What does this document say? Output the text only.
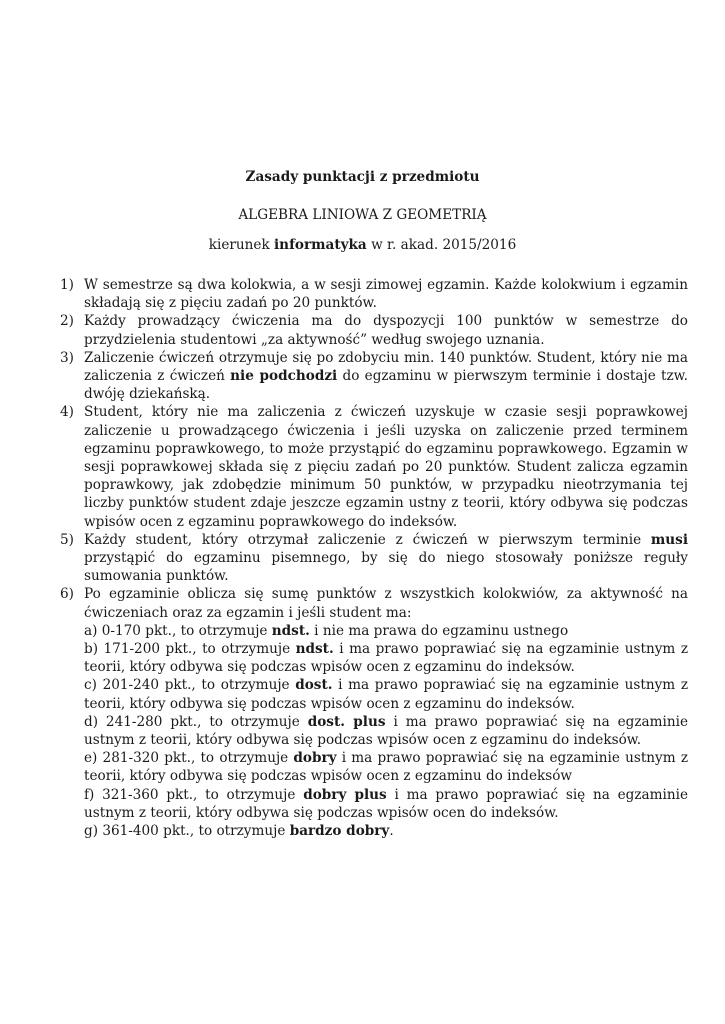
Zasady punktacji z przedmiotu
ALGEBRA LINIOWA Z GEOMETRIĄ
kierunek informatyka w r. akad. 2015/2016
1) W semestrze są dwa kolokwia, a w sesji zimowej egzamin. Każde kolokwium i egzamin składają się z pięciu zadań po 20 punktów.
2) Każdy prowadzący ćwiczenia ma do dyspozycji 100 punktów w semestrze do przydzielenia studentowi „za aktywność” według swojego uznania.
3) Zaliczenie ćwiczeń otrzymuje się po zdobyciu min. 140 punktów. Student, który nie ma zaliczenia z ćwiczeń nie podchodzi do egzaminu w pierwszym terminie i dostaje tzw. dwóję dziekańską.
4) Student, który nie ma zaliczenia z ćwiczeń uzyskuje w czasie sesji poprawkowej zaliczenie u prowadzącego ćwiczenia i jeśli uzyska on zaliczenie przed terminem egzaminu poprawkowego, to może przystąpić do egzaminu poprawkowego. Egzamin w sesji poprawkowej składa się z pięciu zadań po 20 punktów. Student zalicza egzamin poprawkowy, jak zdobędzie minimum 50 punktów, w przypadku nieotrzymania tej liczby punktów student zdaje jeszcze egzamin ustny z teorii, który odbywa się podczas wpisów ocen z egzaminu poprawkowego do indeksów.
5) Każdy student, który otrzymał zaliczenie z ćwiczeń w pierwszym terminie musi przystąpić do egzaminu pisemnego, by się do niego stosowały poniższe reguły sumowania punktów.
6) Po egzaminie oblicza się sumę punktów z wszystkich kolokwiów, za aktywność na ćwiczeniach oraz za egzamin i jeśli student ma:
a) 0-170 pkt., to otrzymuje ndst. i nie ma prawa do egzaminu ustnego
b) 171-200 pkt., to otrzymuje ndst. i ma prawo poprawiać się na egzaminie ustnym z teorii, który odbywa się podczas wpisów ocen z egzaminu do indeksów.
c) 201-240 pkt., to otrzymuje dost. i ma prawo poprawiać się na egzaminie ustnym z teorii, który odbywa się podczas wpisów ocen z egzaminu do indeksów.
d) 241-280 pkt., to otrzymuje dost. plus i ma prawo poprawiać się na egzaminie ustnym z teorii, który odbywa się podczas wpisów ocen z egzaminu do indeksów.
e) 281-320 pkt., to otrzymuje dobry i ma prawo poprawiać się na egzaminie ustnym z teorii, który odbywa się podczas wpisów ocen z egzaminu do indeksów
f) 321-360 pkt., to otrzymuje dobry plus i ma prawo poprawiać się na egzaminie ustnym z teorii, który odbywa się podczas wpisów ocen do indeksów.
g) 361-400 pkt., to otrzymuje bardzo dobry.
